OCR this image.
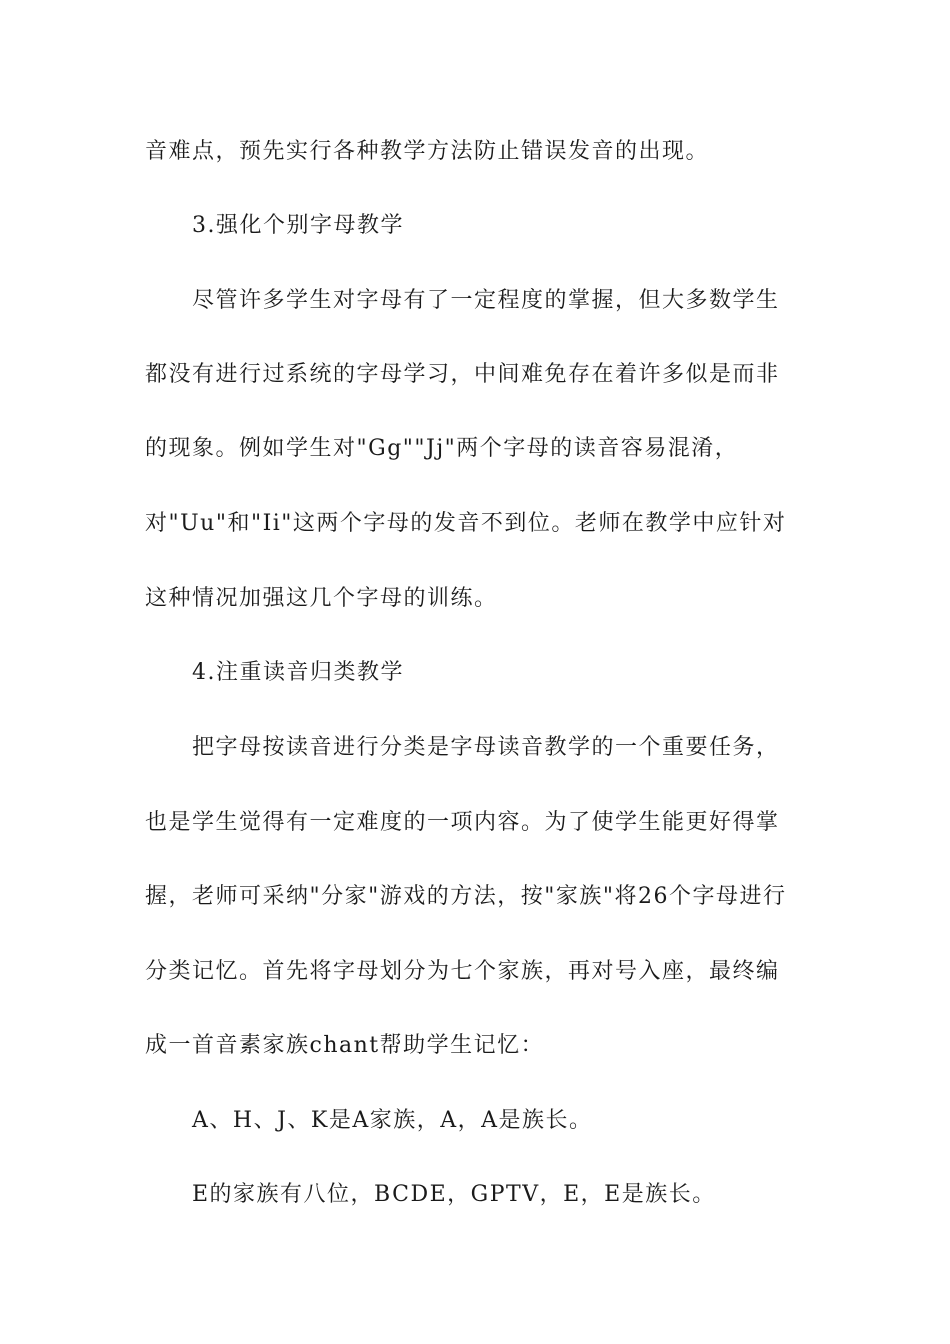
音难点，预先实行各种教学方法防止错误发音的出现。
3.强化个别字母教学
尽管许多学生对字母有了一定程度的掌握，但大多数学生
都没有进行过系统的字母学习，中间难免存在着许多似是而非
的现象。例如学生对"Gg""Jj"两个字母的读音容易混淆，
对"Uu"和"Ii"这两个字母的发音不到位。老师在教学中应针对
这种情况加强这几个字母的训练。
4.注重读音归类教学
把字母按读音进行分类是字母读音教学的一个重要任务，
也是学生觉得有一定难度的一项内容。为了使学生能更好得掌
握，老师可采纳"分家"游戏的方法，按"家族"将26个字母进行
分类记忆。首先将字母划分为七个家族，再对号入座，最终编
成一首音素家族chant帮助学生记忆：
A、H、J、K是A家族，A，A是族长。
E的家族有八位，BCDE，GPTV，E，E是族长。
